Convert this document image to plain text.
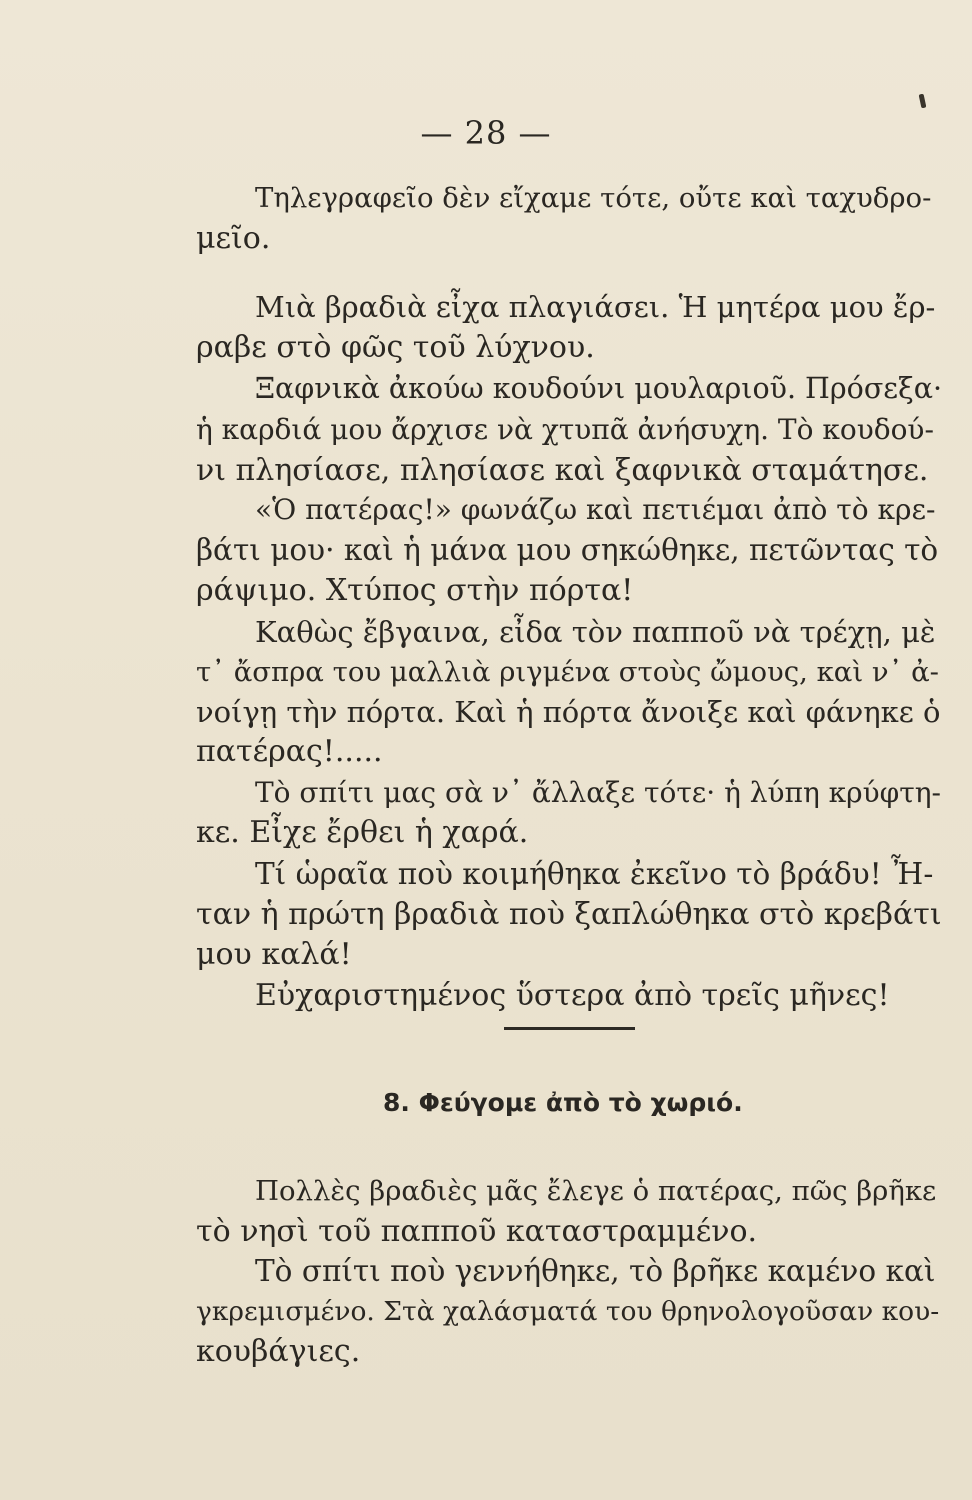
— 28 —
Τηλεγραφεῖο δὲν εἴχαμε τότε, οὔτε καὶ ταχυδρο-
μεῖο.
Μιὰ βραδιὰ εἶχα πλαγιάσει. Ἡ μητέρα μου ἔρ-
ραβε στὸ φῶς τοῦ λύχνου.
Ξαφνικὰ ἀκούω κουδούνι μουλαριοῦ. Πρόσεξα·
ἡ καρδιά μου ἄρχισε νὰ χτυπᾶ ἀνήσυχη. Τὸ κουδού-
νι πλησίασε, πλησίασε καὶ ξαφνικὰ σταμάτησε.
«Ὁ πατέρας!» φωνάζω καὶ πετιέμαι ἀπὸ τὸ κρε-
βάτι μου· καὶ ἡ μάνα μου σηκώθηκε, πετῶντας τὸ
ράψιμο. Χτύπος στὴν πόρτα!
Καθὼς ἔβγαινα, εἶδα τὸν παπποῦ νὰ τρέχῃ, μὲ
τ᾿ ἄσπρα του μαλλιὰ ριγμένα στοὺς ὤμους, καὶ ν᾿ ἀ-
νοίγῃ τὴν πόρτα. Καὶ ἡ πόρτα ἄνοιξε καὶ φάνηκε ὁ
πατέρας!.....
Τὸ σπίτι μας σὰ ν᾿ ἄλλαξε τότε· ἡ λύπη κρύφτη-
κε. Εἶχε ἔρθει ἡ χαρά.
Τί ὡραῖα ποὺ κοιμήθηκα ἐκεῖνο τὸ βράδυ! Ἦ-
ταν ἡ πρώτη βραδιὰ ποὺ ξαπλώθηκα στὸ κρεβάτι
μου καλά!
Εὐχαριστημένος ὕστερα ἀπὸ τρεῖς μῆνες!
8. Φεύγομε ἀπὸ τὸ χωριό.
Πολλὲς βραδιὲς μᾶς ἔλεγε ὁ πατέρας, πῶς βρῆκε
τὸ νησὶ τοῦ παπποῦ καταστραμμένο.
Τὸ σπίτι ποὺ γεννήθηκε, τὸ βρῆκε καμένο καὶ
γκρεμισμένο. Στὰ χαλάσματά του θρηνολογοῦσαν κου-
κουβάγιες.
